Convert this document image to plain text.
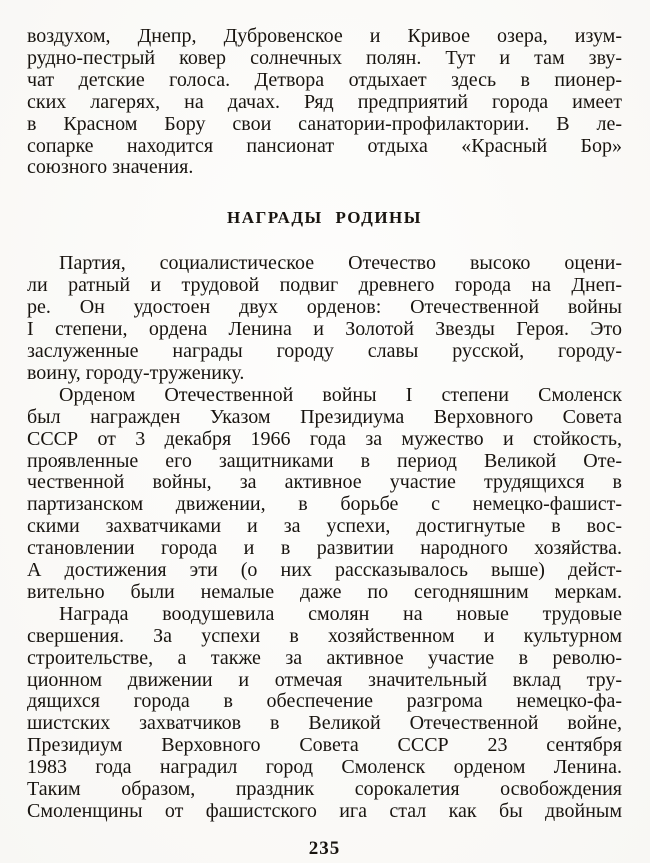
воздухом, Днепр, Дубровенское и Кривое озера, изум-
рудно-пестрый ковер солнечных полян. Тут и там зву-
чат детские голоса. Детвора отдыхает здесь в пионер-
ских лагерях, на дачах. Ряд предприятий города имеет
в Красном Бору свои санатории-профилактории. В ле-
сопарке находится пансионат отдыха «Красный Бор»
союзного значения.
НАГРАДЫ РОДИНЫ
Партия, социалистическое Отечество высоко оцени-
ли ратный и трудовой подвиг древнего города на Днеп-
ре. Он удостоен двух орденов: Отечественной войны
I степени, ордена Ленина и Золотой Звезды Героя. Это
заслуженные награды городу славы русской, городу-
воину, городу-труженику.
Орденом Отечественной войны I степени Смоленск
был награжден Указом Президиума Верховного Совета
СССР от 3 декабря 1966 года за мужество и стойкость,
проявленные его защитниками в период Великой Оте-
чественной войны, за активное участие трудящихся в
партизанском движении, в борьбе с немецко-фашист-
скими захватчиками и за успехи, достигнутые в вос-
становлении города и в развитии народного хозяйства.
А достижения эти (о них рассказывалось выше) дейст-
вительно были немалые даже по сегодняшним меркам.
Награда воодушевила смолян на новые трудовые
свершения. За успехи в хозяйственном и культурном
строительстве, а также за активное участие в револю-
ционном движении и отмечая значительный вклад тру-
дящихся города в обеспечение разгрома немецко-фа-
шистских захватчиков в Великой Отечественной войне,
Президиум Верховного Совета СССР 23 сентября
1983 года наградил город Смоленск орденом Ленина.
Таким образом, праздник сорокалетия освобождения
Смоленщины от фашистского ига стал как бы двойным
235
